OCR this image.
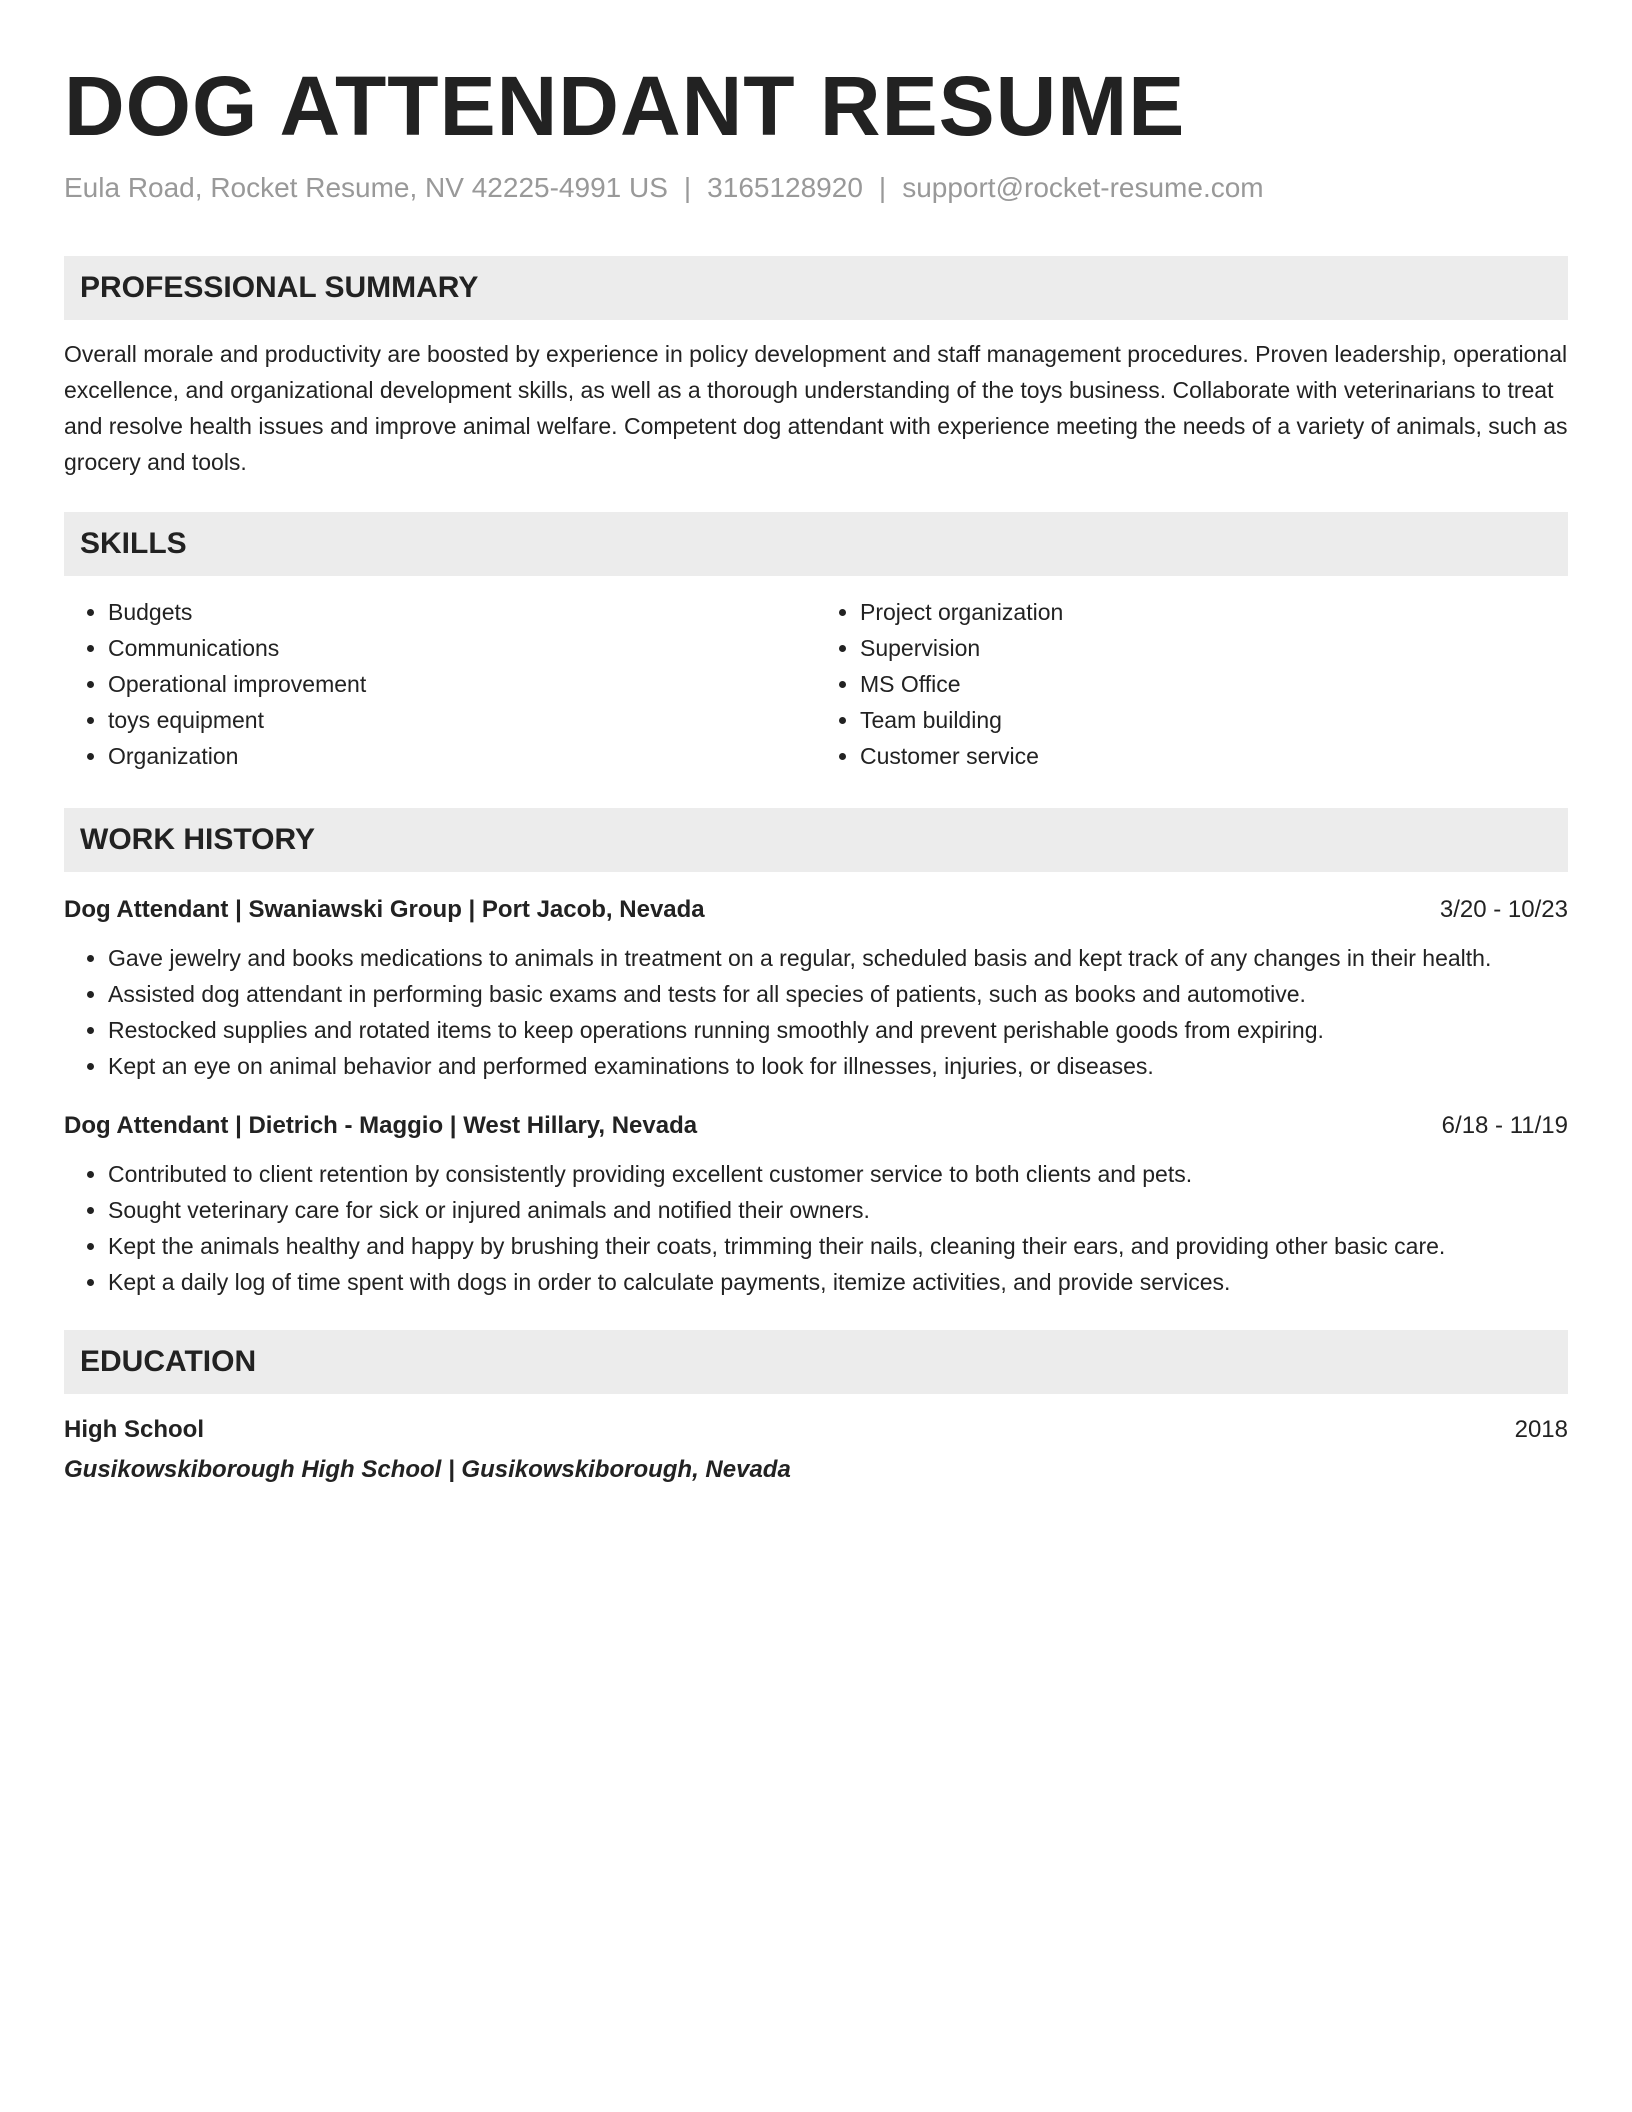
DOG ATTENDANT RESUME
Eula Road, Rocket Resume, NV 42225-4991 US | 3165128920 | support@rocket-resume.com
PROFESSIONAL SUMMARY
Overall morale and productivity are boosted by experience in policy development and staff management procedures. Proven leadership, operational excellence, and organizational development skills, as well as a thorough understanding of the toys business. Collaborate with veterinarians to treat and resolve health issues and improve animal welfare. Competent dog attendant with experience meeting the needs of a variety of animals, such as grocery and tools.
SKILLS
• Budgets
• Communications
• Operational improvement
• toys equipment
• Organization
• Project organization
• Supervision
• MS Office
• Team building
• Customer service
WORK HISTORY
Dog Attendant | Swaniawski Group | Port Jacob, Nevada	3/20 - 10/23
• Gave jewelry and books medications to animals in treatment on a regular, scheduled basis and kept track of any changes in their health.
• Assisted dog attendant in performing basic exams and tests for all species of patients, such as books and automotive.
• Restocked supplies and rotated items to keep operations running smoothly and prevent perishable goods from expiring.
• Kept an eye on animal behavior and performed examinations to look for illnesses, injuries, or diseases.
Dog Attendant | Dietrich - Maggio | West Hillary, Nevada	6/18 - 11/19
• Contributed to client retention by consistently providing excellent customer service to both clients and pets.
• Sought veterinary care for sick or injured animals and notified their owners.
• Kept the animals healthy and happy by brushing their coats, trimming their nails, cleaning their ears, and providing other basic care.
• Kept a daily log of time spent with dogs in order to calculate payments, itemize activities, and provide services.
EDUCATION
High School	2018
Gusikowskiborough High School | Gusikowskiborough, Nevada
